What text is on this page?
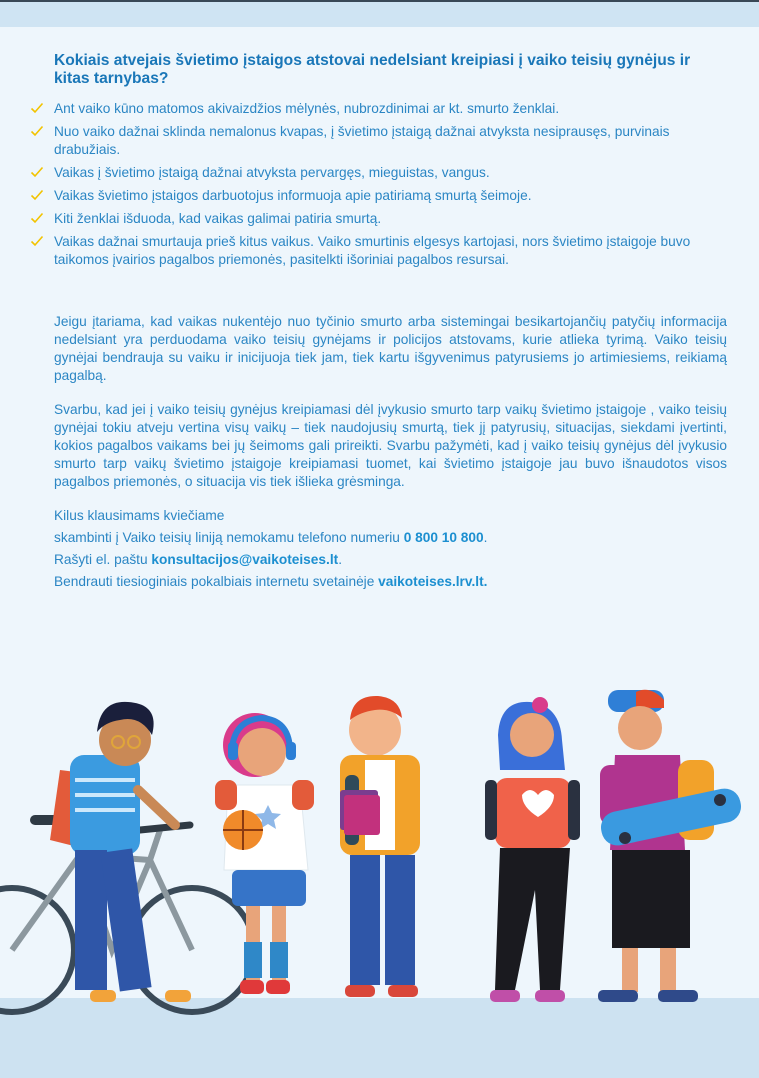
Kokiais atvejais švietimo įstaigos atstovai nedelsiant kreipiasi į vaiko teisių gynėjus ir kitas tarnybas?
Ant vaiko kūno matomos akivaizdžios mėlynės, nubrozdinimai ar kt. smurto ženklai.
Nuo vaiko dažnai sklinda nemalonus kvapas, į švietimo įstaigą dažnai atvyksta nesiprausęs, purvinais drabužiais.
Vaikas į švietimo įstaigą dažnai atvyksta pervargęs, mieguistas, vangus.
Vaikas švietimo įstaigos darbuotojus informuoja apie patiriamą smurtą šeimoje.
Kiti ženklai išduoda, kad vaikas galimai patiria smurtą.
Vaikas dažnai smurtauja prieš kitus vaikus. Vaiko smurtinis elgesys kartojasi, nors švietimo įstaigoje buvo taikomos įvairios pagalbos priemonės, pasitelkti išoriniai pagalbos resursai.

Jeigu įtariama, kad vaikas nukentėjo nuo tyčinio smurto arba sistemingai besikartojančių patyčių informacija nedelsiant yra perduodama vaiko teisių gynėjams ir policijos atstovams, kurie atlieka tyrimą. Vaiko teisių gynėjai bendrauja su vaiku ir inicijuoja tiek jam, tiek kartu išgyvenimus patyrusiems jo artimiesiems, reikiamą pagalbą.

Svarbu, kad jei į vaiko teisių gynėjus kreipiamasi dėl įvykusio smurto tarp vaikų švietimo įstaigoje , vaiko teisių gynėjai tokiu atveju vertina visų vaikų – tiek naudojusių smurtą, tiek jį patyrusių, situacijas, siekdami įvertinti, kokios pagalbos vaikams bei jų šeimoms gali prireikti. Svarbu pažymėti, kad į vaiko teisių gynėjus dėl įvykusio smurto tarp vaikų švietimo įstaigoje kreipiamasi tuomet, kai švietimo įstaigoje jau buvo išnaudotos visos pagalbos priemonės, o situacija vis tiek išlieka grėsminga.

Kilus klausimams kviečiame
skambinti į Vaiko teisių liniją nemokamu telefono numeriu 0 800 10 800.
Rašyti el. paštu konsultacijos@vaikoteises.lt.
Bendrauti tiesioginiais pokalbiais internetu svetainėje vaikoteises.lrv.lt.
